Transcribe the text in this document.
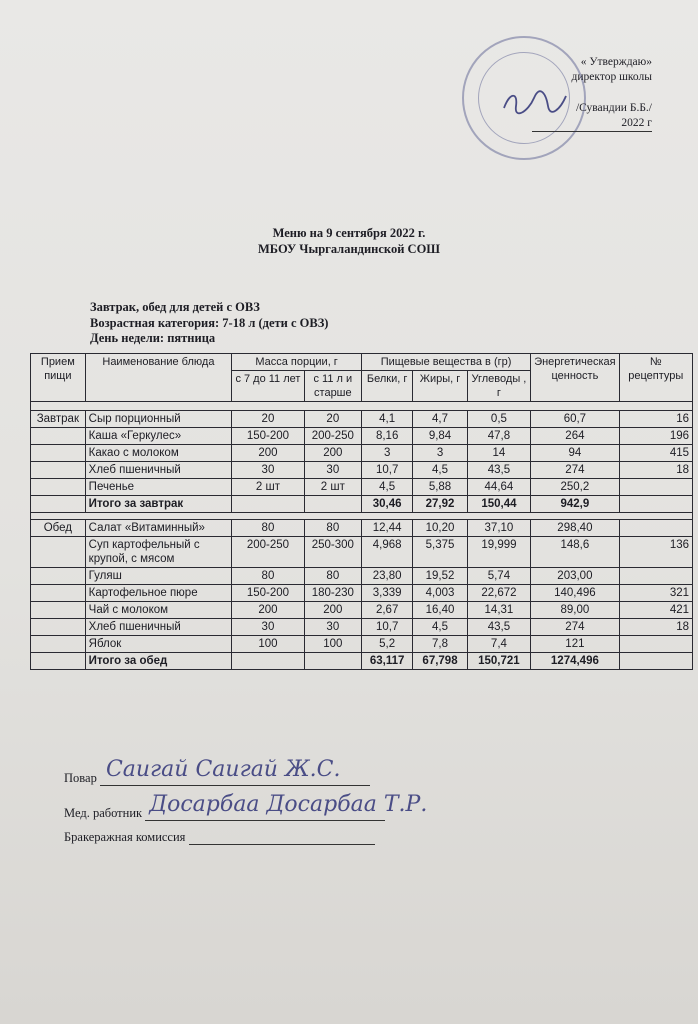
« Утверждаю»
директор школы
/Сувандии Б.Б./
2022 г
Меню на 9 сентября 2022 г.
МБОУ Чыргаландинской СОШ
Завтрак, обед для детей с ОВЗ
Возрастная категория: 7-18 л (дети с ОВЗ)
День недели: пятница
Прием пищи	Наименование блюда	Масса порции, г		Пищевые вещества в (гр)			Энергетическая ценность	№ рецептуры
		с 7 до 11 лет	с 11 л и старше	Белки, г	Жиры, г	Углеводы , г		

Завтрак	Сыр порционный	20	20	4,1	4,7	0,5	60,7	16
	Каша «Геркулес»	150-200	200-250	8,16	9,84	47,8	264	196
	Какао с молоком	200	200	3	3	14	94	415
	Хлеб пшеничный	30	30	10,7	4,5	43,5	274	18
	Печенье	2 шт	2 шт	4,5	5,88	44,64	250,2	
	Итого за завтрак			30,46	27,92	150,44	942,9	

Обед	Салат «Витаминный»	80	80	12,44	10,20	37,10	298,40	
	Суп картофельный с крупой, с мясом	200-250	250-300	4,968	5,375	19,999	148,6	136
	Гуляш	80	80	23,80	19,52	5,74	203,00	
	Картофельное пюре	150-200	180-230	3,339	4,003	22,672	140,496	321
	Чай с молоком	200	200	2,67	16,40	14,31	89,00	421
	Хлеб пшеничный	30	30	10,7	4,5	43,5	274	18
	Яблок	100	100	5,2	7,8	7,4	121	
	Итого за обед			63,117	67,798	150,721	1274,496	
Повар Саигай Саигай Ж.С.
Мед. работник Досарбаа Досарбаа Т.Р.
Бракеражная комиссия
